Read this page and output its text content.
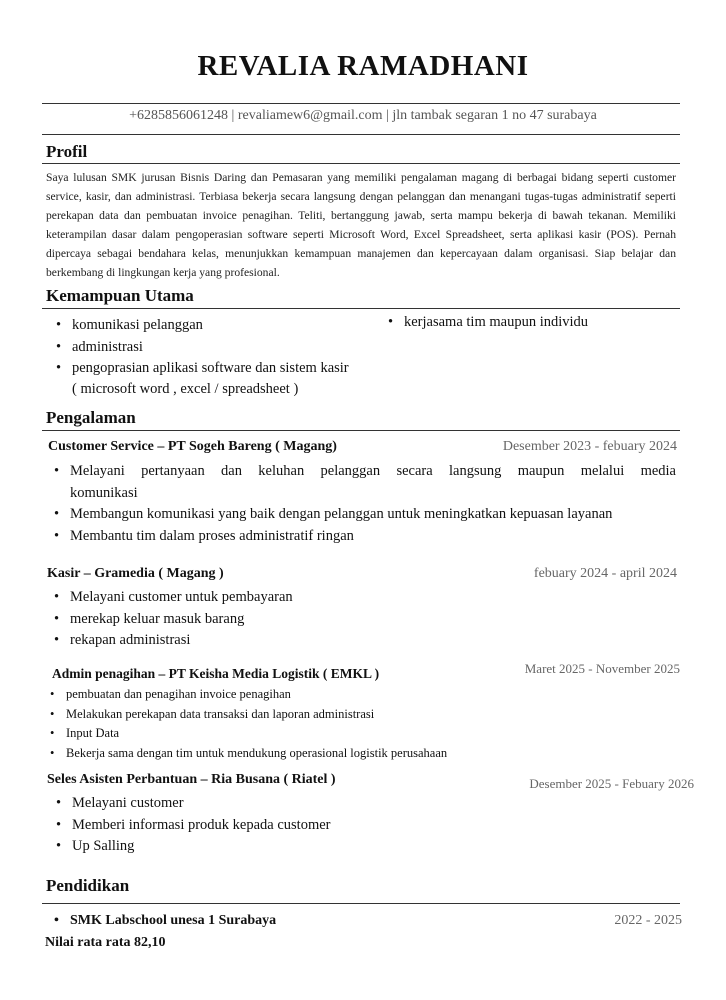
REVALIA RAMADHANI
+6285856061248 | revaliamew6@gmail.com | jln tambak segaran 1 no 47 surabaya
Profil
Saya lulusan SMK jurusan Bisnis Daring dan Pemasaran yang memiliki pengalaman magang di berbagai bidang seperti customer service, kasir, dan administrasi. Terbiasa bekerja secara langsung dengan pelanggan dan menangani tugas-tugas administratif seperti perekapan data dan pembuatan invoice penagihan. Teliti, bertanggung jawab, serta mampu bekerja di bawah tekanan. Memiliki keterampilan dasar dalam pengoperasian software seperti Microsoft Word, Excel Spreadsheet, serta aplikasi kasir (POS). Pernah dipercaya sebagai bendahara kelas, menunjukkan kemampuan manajemen dan kepercayaan dalam organisasi. Siap belajar dan berkembang di lingkungan kerja yang profesional.
Kemampuan Utama
• komunikasi pelanggan
• administrasi
• pengoprasian aplikasi software dan sistem kasir
( microsoft word , excel / spreadsheet )
• kerjasama tim maupun individu
Pengalaman
Customer Service – PT Sogeh Bareng ( Magang)	Desember 2023 - febuary 2024
• Melayani pertanyaan dan keluhan pelanggan secara langsung maupun melalui media
komunikasi
• Membangun komunikasi yang baik dengan pelanggan untuk meningkatkan kepuasan layanan
• Membantu tim dalam proses administratif ringan
Kasir – Gramedia ( Magang )	febuary 2024 - april 2024
• Melayani customer untuk pembayaran
• merekap keluar masuk barang
• rekapan administrasi
Admin penagihan – PT Keisha Media Logistik ( EMKL )	Maret 2025 - November 2025
• pembuatan dan penagihan invoice penagihan
• Melakukan perekapan data transaksi dan laporan administrasi
• Input Data
• Bekerja sama dengan tim untuk mendukung operasional logistik perusahaan
Seles Asisten Perbantuan – Ria Busana ( Riatel )	Desember 2025 - Febuary 2026
• Melayani customer
• Memberi informasi produk kepada customer
• Up Salling
Pendidikan
• SMK Labschool unesa 1 Surabaya	2022 - 2025
Nilai rata rata 82,10
